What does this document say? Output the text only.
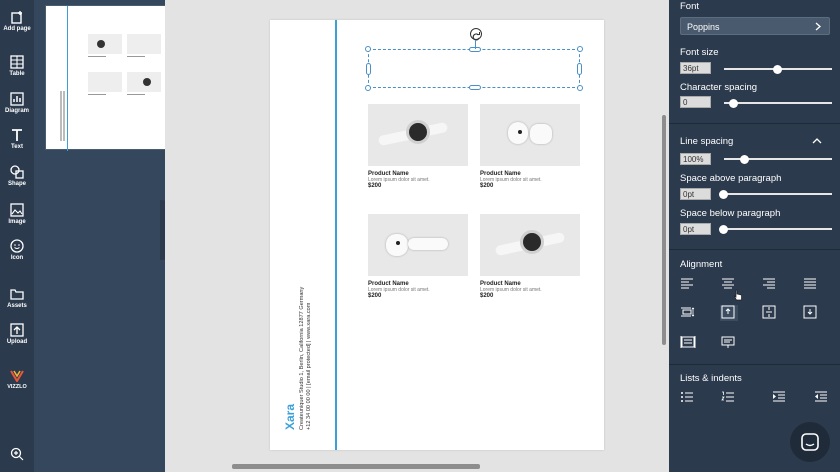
Add page
Table
Diagram
Text
Shape
Image
Icon
Assets
Upload
VIZZLO
Xara Createuniquer Studio 1, Berlin, California 12877 Germany +12 34 00 00 00 | [email protected] | www.xara.com
Product Name
Lorem ipsum dolor sit amet.
$200
Product Name
Lorem ipsum dolor sit amet.
$200
Product Name
Lorem ipsum dolor sit amet.
$200
Product Name
Lorem ipsum dolor sit amet.
$200
Font
Poppins
Font size
36pt
Character spacing
0
Line spacing
100%
Space above paragraph
0pt
Space below paragraph
0pt
Alignment
Lists & indents
